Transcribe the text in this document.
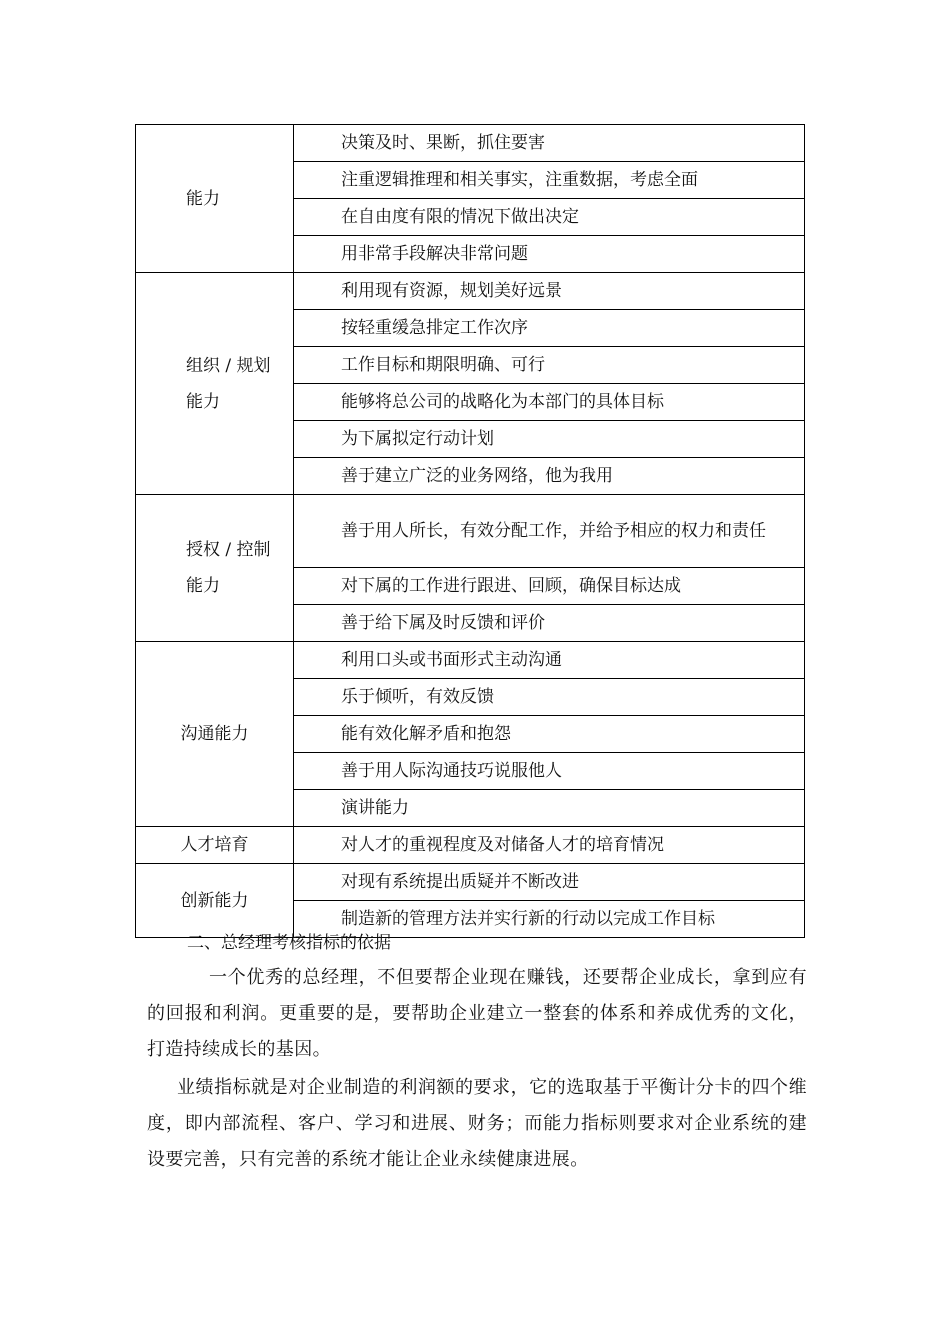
能力	决策及时、果断，抓住要害
	注重逻辑推理和相关事实，注重数据，考虑全面
	在自由度有限的情况下做出决定
	用非常手段解决非常问题

组织 / 规划
能力	利用现有资源，规划美好远景
	按轻重缓急排定工作次序
	工作目标和期限明确、可行
	能够将总公司的战略化为本部门的具体目标
	为下属拟定行动计划
	善于建立广泛的业务网络，他为我用

授权 / 控制
能力	善于用人所长，有效分配工作，并给予相应的权力和责任
	对下属的工作进行跟进、回顾，确保目标达成
	善于给下属及时反馈和评价

沟通能力	利用口头或书面形式主动沟通
	乐于倾听，有效反馈
	能有效化解矛盾和抱怨
	善于用人际沟通技巧说服他人
	演讲能力

人才培育	对人才的重视程度及对储备人才的培育情况

创新能力	对现有系统提出质疑并不断改进
	制造新的管理方法并实行新的行动以完成工作目标
二、总经理考核指标的依据
一个优秀的总经理，不但要帮企业现在赚钱，还要帮企业成长，拿到应有的回报和利润。更重要的是，要帮助企业建立一整套的体系和养成优秀的文化，打造持续成长的基因。
业绩指标就是对企业制造的利润额的要求，它的选取基于平衡计分卡的四个维度，即内部流程、客户、学习和进展、财务；而能力指标则要求对企业系统的建设要完善，只有完善的系统才能让企业永续健康进展。
